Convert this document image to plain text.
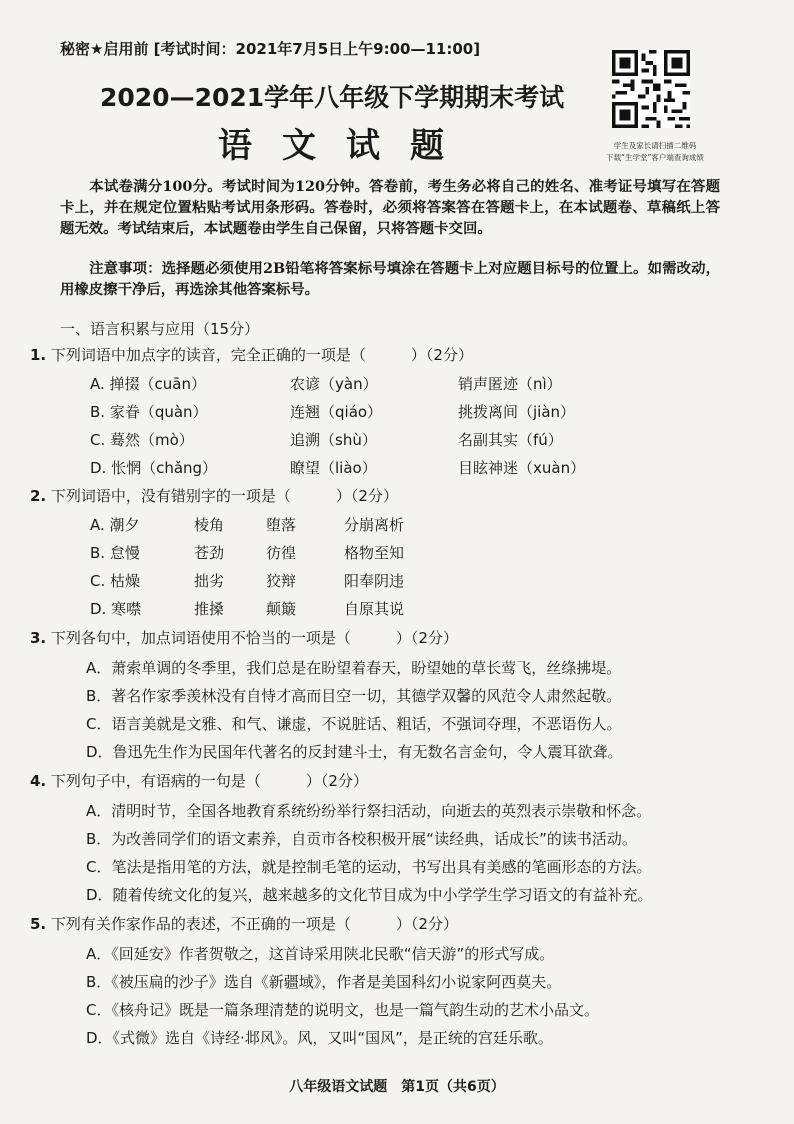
秘密★启用前 [考试时间：2021年7月5日上午9:00—11:00]
2020—2021学年八年级下学期期末考试
语文试题	学生及家长请扫描二维码
下载“生学堂”客户端查询成绩
本试卷满分100分。考试时间为120分钟。答卷前，考生务必将自己的姓名、准考证号填写在答题卡上，并在规定位置粘贴考试用条形码。答卷时，必须将答案答在答题卡上，在本试题卷、草稿纸上答题无效。考试结束后，本试题卷由学生自己保留，只将答题卡交回。
注意事项：选择题必须使用2B铅笔将答案标号填涂在答题卡上对应题目标号的位置上。如需改动，用橡皮擦干净后，再选涂其他答案标号。
一、语言积累与应用（15分）
1. 下列词语中加点字的读音，完全正确的一项是（　　　）（2分）
A. 掸掇（cuān）	农谚（yàn）	销声匿迹（nì）
B. 家眷（quàn）	连翘（qiáo）	挑拨离间（jiàn）
C. 蓦然（mò）	追溯（shù）	名副其实（fú）
D. 怅惘（chǎng）	瞭望（liào）	目眩神迷（xuàn）
2. 下列词语中，没有错别字的一项是（　　　）（2分）
A. 潮夕	棱角	堕落	分崩离析
B. 怠慢	苍劲	彷徨	格物至知
C. 枯燥	拙劣	狡辩	阳奉阴违
D. 寒噤	推搡	颠簸	自原其说
3. 下列各句中，加点词语使用不恰当的一项是（　　　）（2分）
A．萧索单调的冬季里，我们总是在盼望着春天，盼望她的草长莺飞，丝绦拂堤。
B．著名作家季羡林没有自恃才高而目空一切，其德学双馨的风范令人肃然起敬。
C．语言美就是文雅、和气、谦虚，不说脏话、粗话，不强词夺理，不恶语伤人。
D．鲁迅先生作为民国年代著名的反封建斗士，有无数名言金句，令人震耳欲聋。
4. 下列句子中，有语病的一句是（　　　）（2分）
A．清明时节，全国各地教育系统纷纷举行祭扫活动，向逝去的英烈表示崇敬和怀念。
B．为改善同学们的语文素养，自贡市各校积极开展“读经典，话成长”的读书活动。
C．笔法是指用笔的方法，就是控制毛笔的运动，书写出具有美感的笔画形态的方法。
D．随着传统文化的复兴，越来越多的文化节目成为中小学学生学习语文的有益补充。
5. 下列有关作家作品的表述，不正确的一项是（　　　）（2分）
A．《回延安》作者贺敬之，这首诗采用陕北民歌“信天游”的形式写成。
B．《被压扁的沙子》选自《新疆域》，作者是美国科幻小说家阿西莫夫。
C．《核舟记》既是一篇条理清楚的说明文，也是一篇气韵生动的艺术小品文。
D．《式微》选自《诗经·邶风》。风，又叫“国风”，是正统的宫廷乐歌。
八年级语文试题　第1页（共6页）
